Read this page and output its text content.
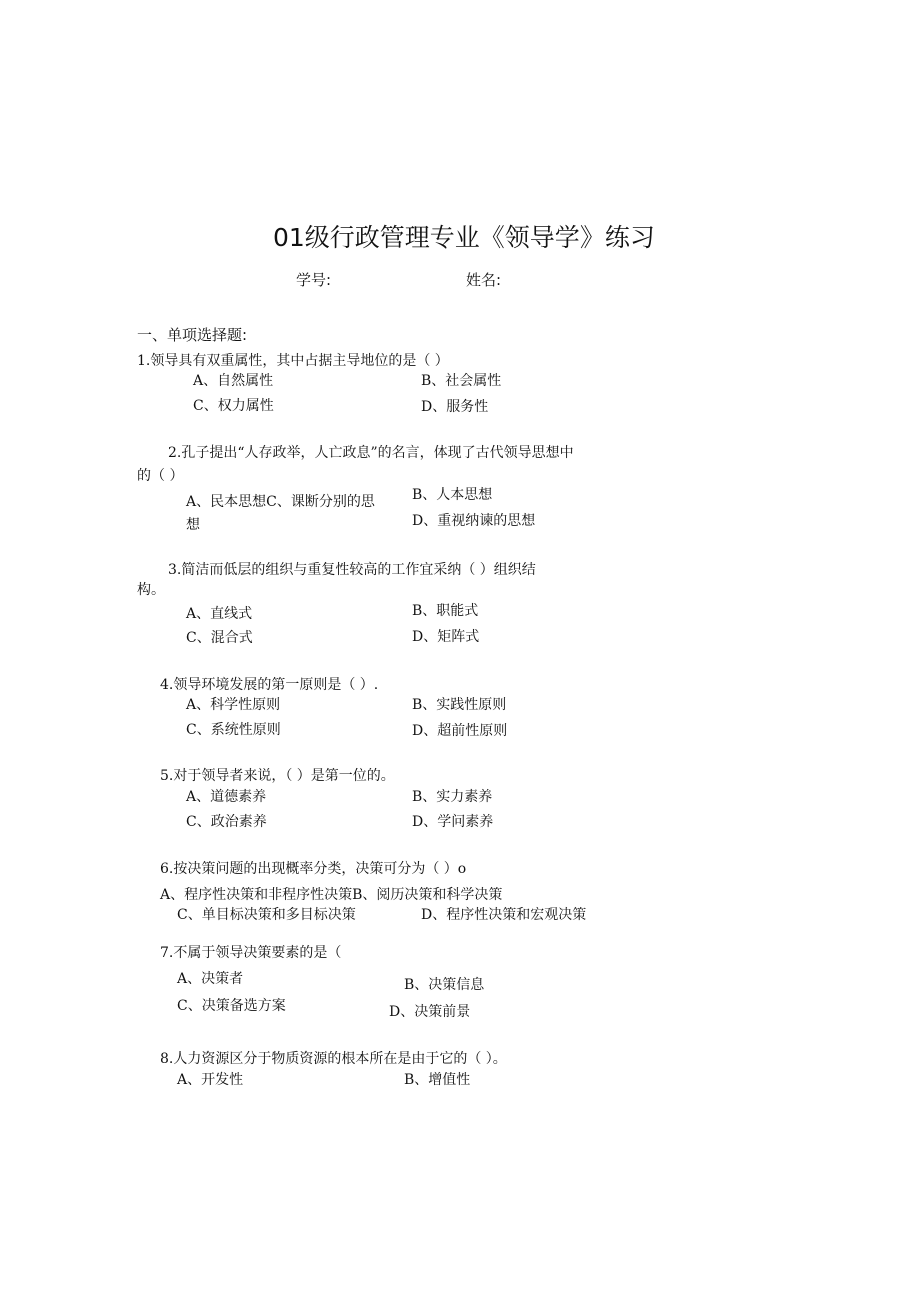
01级行政管理专业《领导学》练习
学号:	姓名:
一、单项选择题:
1.领导具有双重属性，其中占据主导地位的是（ ）
A、自然属性	B、社会属性
C、权力属性	D、服务性
2.孔子提出“人存政举，人亡政息”的名言，体现了古代领导思想中
的（ ）
A、民本思想C、课断分别的思
想
B、人本思想
D、重视纳谏的思想
3.简洁而低层的组织与重复性较高的工作宜采纳（ ）组织结
构。
A、直线式	B、职能式
C、混合式	D、矩阵式
4.领导环境发展的第一原则是（ ）.
A、科学性原则	B、实践性原则
C、系统性原则	D、超前性原则
5.对于领导者来说，（ ）是第一位的。
A、道德素养	B、实力素养
C、政治素养	D、学问素养
6.按决策问题的出现概率分类，决策可分为（ ）o
A、程序性决策和非程序性决策B、阅历决策和科学决策
C、单目标决策和多目标决策	D、程序性决策和宏观决策
7.不属于领导决策要素的是（
A、决策者	B、决策信息
C、决策备选方案	D、决策前景
8.人力资源区分于物质资源的根本所在是由于它的（ ）。
A、开发性	B、增值性
